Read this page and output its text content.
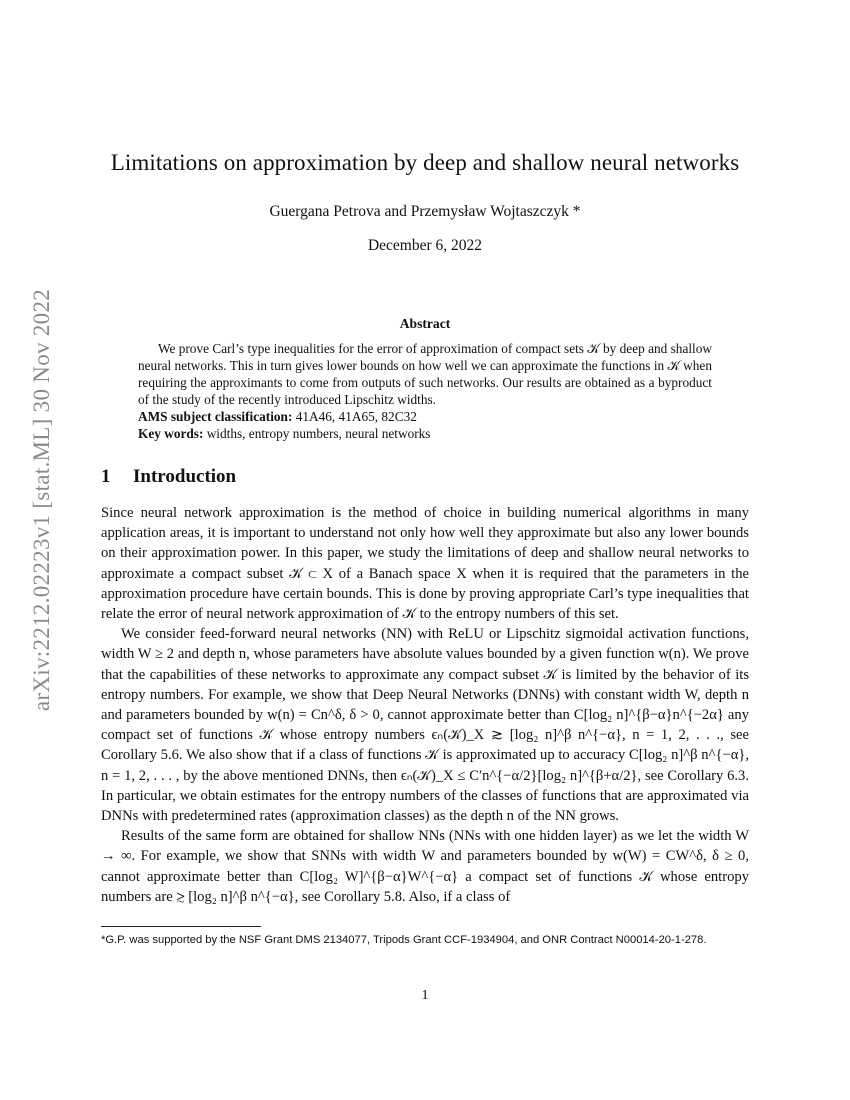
arXiv:2212.02223v1 [stat.ML] 30 Nov 2022
Limitations on approximation by deep and shallow neural networks
Guergana Petrova and Przemysław Wojtaszczyk *
December 6, 2022
Abstract

We prove Carl’s type inequalities for the error of approximation of compact sets 𝒦 by deep and shallow neural networks. This in turn gives lower bounds on how well we can approximate the functions in 𝒦 when requiring the approximants to come from outputs of such networks. Our results are obtained as a byproduct of the study of the recently introduced Lipschitz widths.

AMS subject classification: 41A46, 41A65, 82C32

Key words: widths, entropy numbers, neural networks

1 Introduction

Since neural network approximation is the method of choice in building numerical algorithms in many application areas, it is important to understand not only how well they approximate but also any lower bounds on their approximation power. In this paper, we study the limitations of deep and shallow neural networks to approximate a compact subset 𝒦 ⊂ X of a Banach space X when it is required that the parameters in the approximation procedure have certain bounds. This is done by proving appropriate Carl’s type inequalities that relate the error of neural network approximation of 𝒦 to the entropy numbers of this set.

We consider feed-forward neural networks (NN) with ReLU or Lipschitz sigmoidal activation functions, width W ≥ 2 and depth n, whose parameters have absolute values bounded by a given function w(n). We prove that the capabilities of these networks to approximate any compact subset 𝒦 is limited by the behavior of its entropy numbers. For example, we show that Deep Neural Networks (DNNs) with constant width W, depth n and parameters bounded by w(n) = Cn^δ, δ > 0, cannot approximate better than C[log₂ n]^{β−α}n^{−2α} any compact set of functions 𝒦 whose entropy numbers ϵₙ(𝒦)_X ≳ [log₂ n]^β n^{−α}, n = 1, 2, . . ., see Corollary 5.6. We also show that if a class of functions 𝒦 is approximated up to accuracy C[log₂ n]^β n^{−α}, n = 1, 2, . . . , by the above mentioned DNNs, then ϵₙ(𝒦)_X ≤ C′n^{−α/2}[log₂ n]^{β+α/2}, see Corollary 6.3. In particular, we obtain estimates for the entropy numbers of the classes of functions that are approximated via DNNs with predetermined rates (approximation classes) as the depth n of the NN grows.

Results of the same form are obtained for shallow NNs (NNs with one hidden layer) as we let the width W → ∞. For example, we show that SNNs with width W and parameters bounded by w(W) = CW^δ, δ ≥ 0, cannot approximate better than C[log₂ W]^{β−α}W^{−α} a compact set of functions 𝒦 whose entropy numbers are ≳ [log₂ n]^β n^{−α}, see Corollary 5.8. Also, if a class of

*G.P. was supported by the NSF Grant DMS 2134077, Tripods Grant CCF-1934904, and ONR Contract N00014-20-1-278.
1
